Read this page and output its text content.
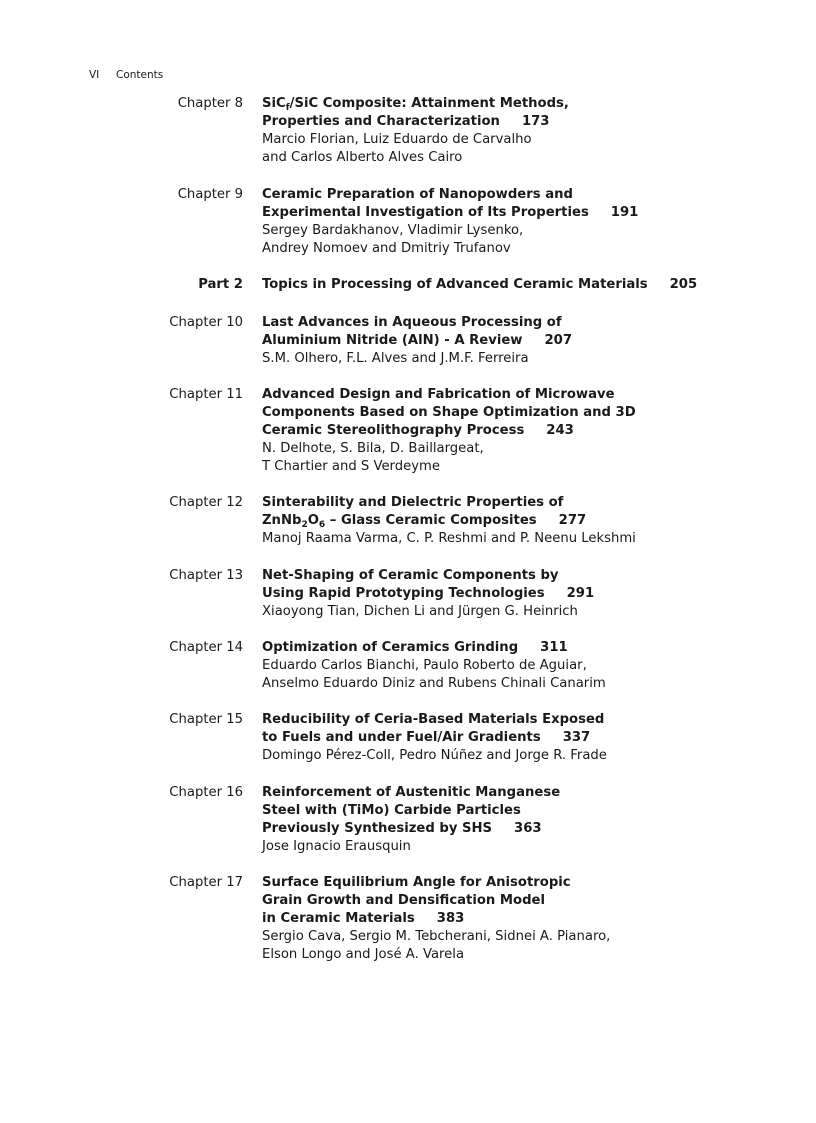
VI Contents
Chapter 8 SiC$_f$/SiC Composite: Attainment Methods,
Properties and Characterization 173
Marcio Florian, Luiz Eduardo de Carvalho
and Carlos Alberto Alves Cairo
Chapter 9 Ceramic Preparation of Nanopowders and
Experimental Investigation of Its Properties 191
Sergey Bardakhanov, Vladimir Lysenko,
Andrey Nomoev and Dmitriy Trufanov
Part 2 Topics in Processing of Advanced Ceramic Materials 205
Chapter 10 Last Advances in Aqueous Processing of
Aluminium Nitride (AlN) - A Review 207
S.M. Olhero, F.L. Alves and J.M.F. Ferreira
Chapter 11 Advanced Design and Fabrication of Microwave
Components Based on Shape Optimization and 3D
Ceramic Stereolithography Process 243
N. Delhote, S. Bila, D. Baillargeat,
T Chartier and S Verdeyme
Chapter 12 Sinterability and Dielectric Properties of
$ZnNb_2O_6$ – Glass Ceramic Composites 277
Manoj Raama Varma, C. P. Reshmi and P. Neenu Lekshmi
Chapter 13 Net-Shaping of Ceramic Components by
Using Rapid Prototyping Technologies 291
Xiaoyong Tian, Dichen Li and Jürgen G. Heinrich
Chapter 14 Optimization of Ceramics Grinding 311
Eduardo Carlos Bianchi, Paulo Roberto de Aguiar,
Anselmo Eduardo Diniz and Rubens Chinali Canarim
Chapter 15 Reducibility of Ceria-Based Materials Exposed
to Fuels and under Fuel/Air Gradients 337
Domingo Pérez-Coll, Pedro Núñez and Jorge R. Frade
Chapter 16 Reinforcement of Austenitic Manganese
Steel with (TiMo) Carbide Particles
Previously Synthesized by SHS 363
Jose Ignacio Erausquin
Chapter 17 Surface Equilibrium Angle for Anisotropic
Grain Growth and Densification Model
in Ceramic Materials 383
Sergio Cava, Sergio M. Tebcherani, Sidnei A. Pianaro,
Elson Longo and José A. Varela
